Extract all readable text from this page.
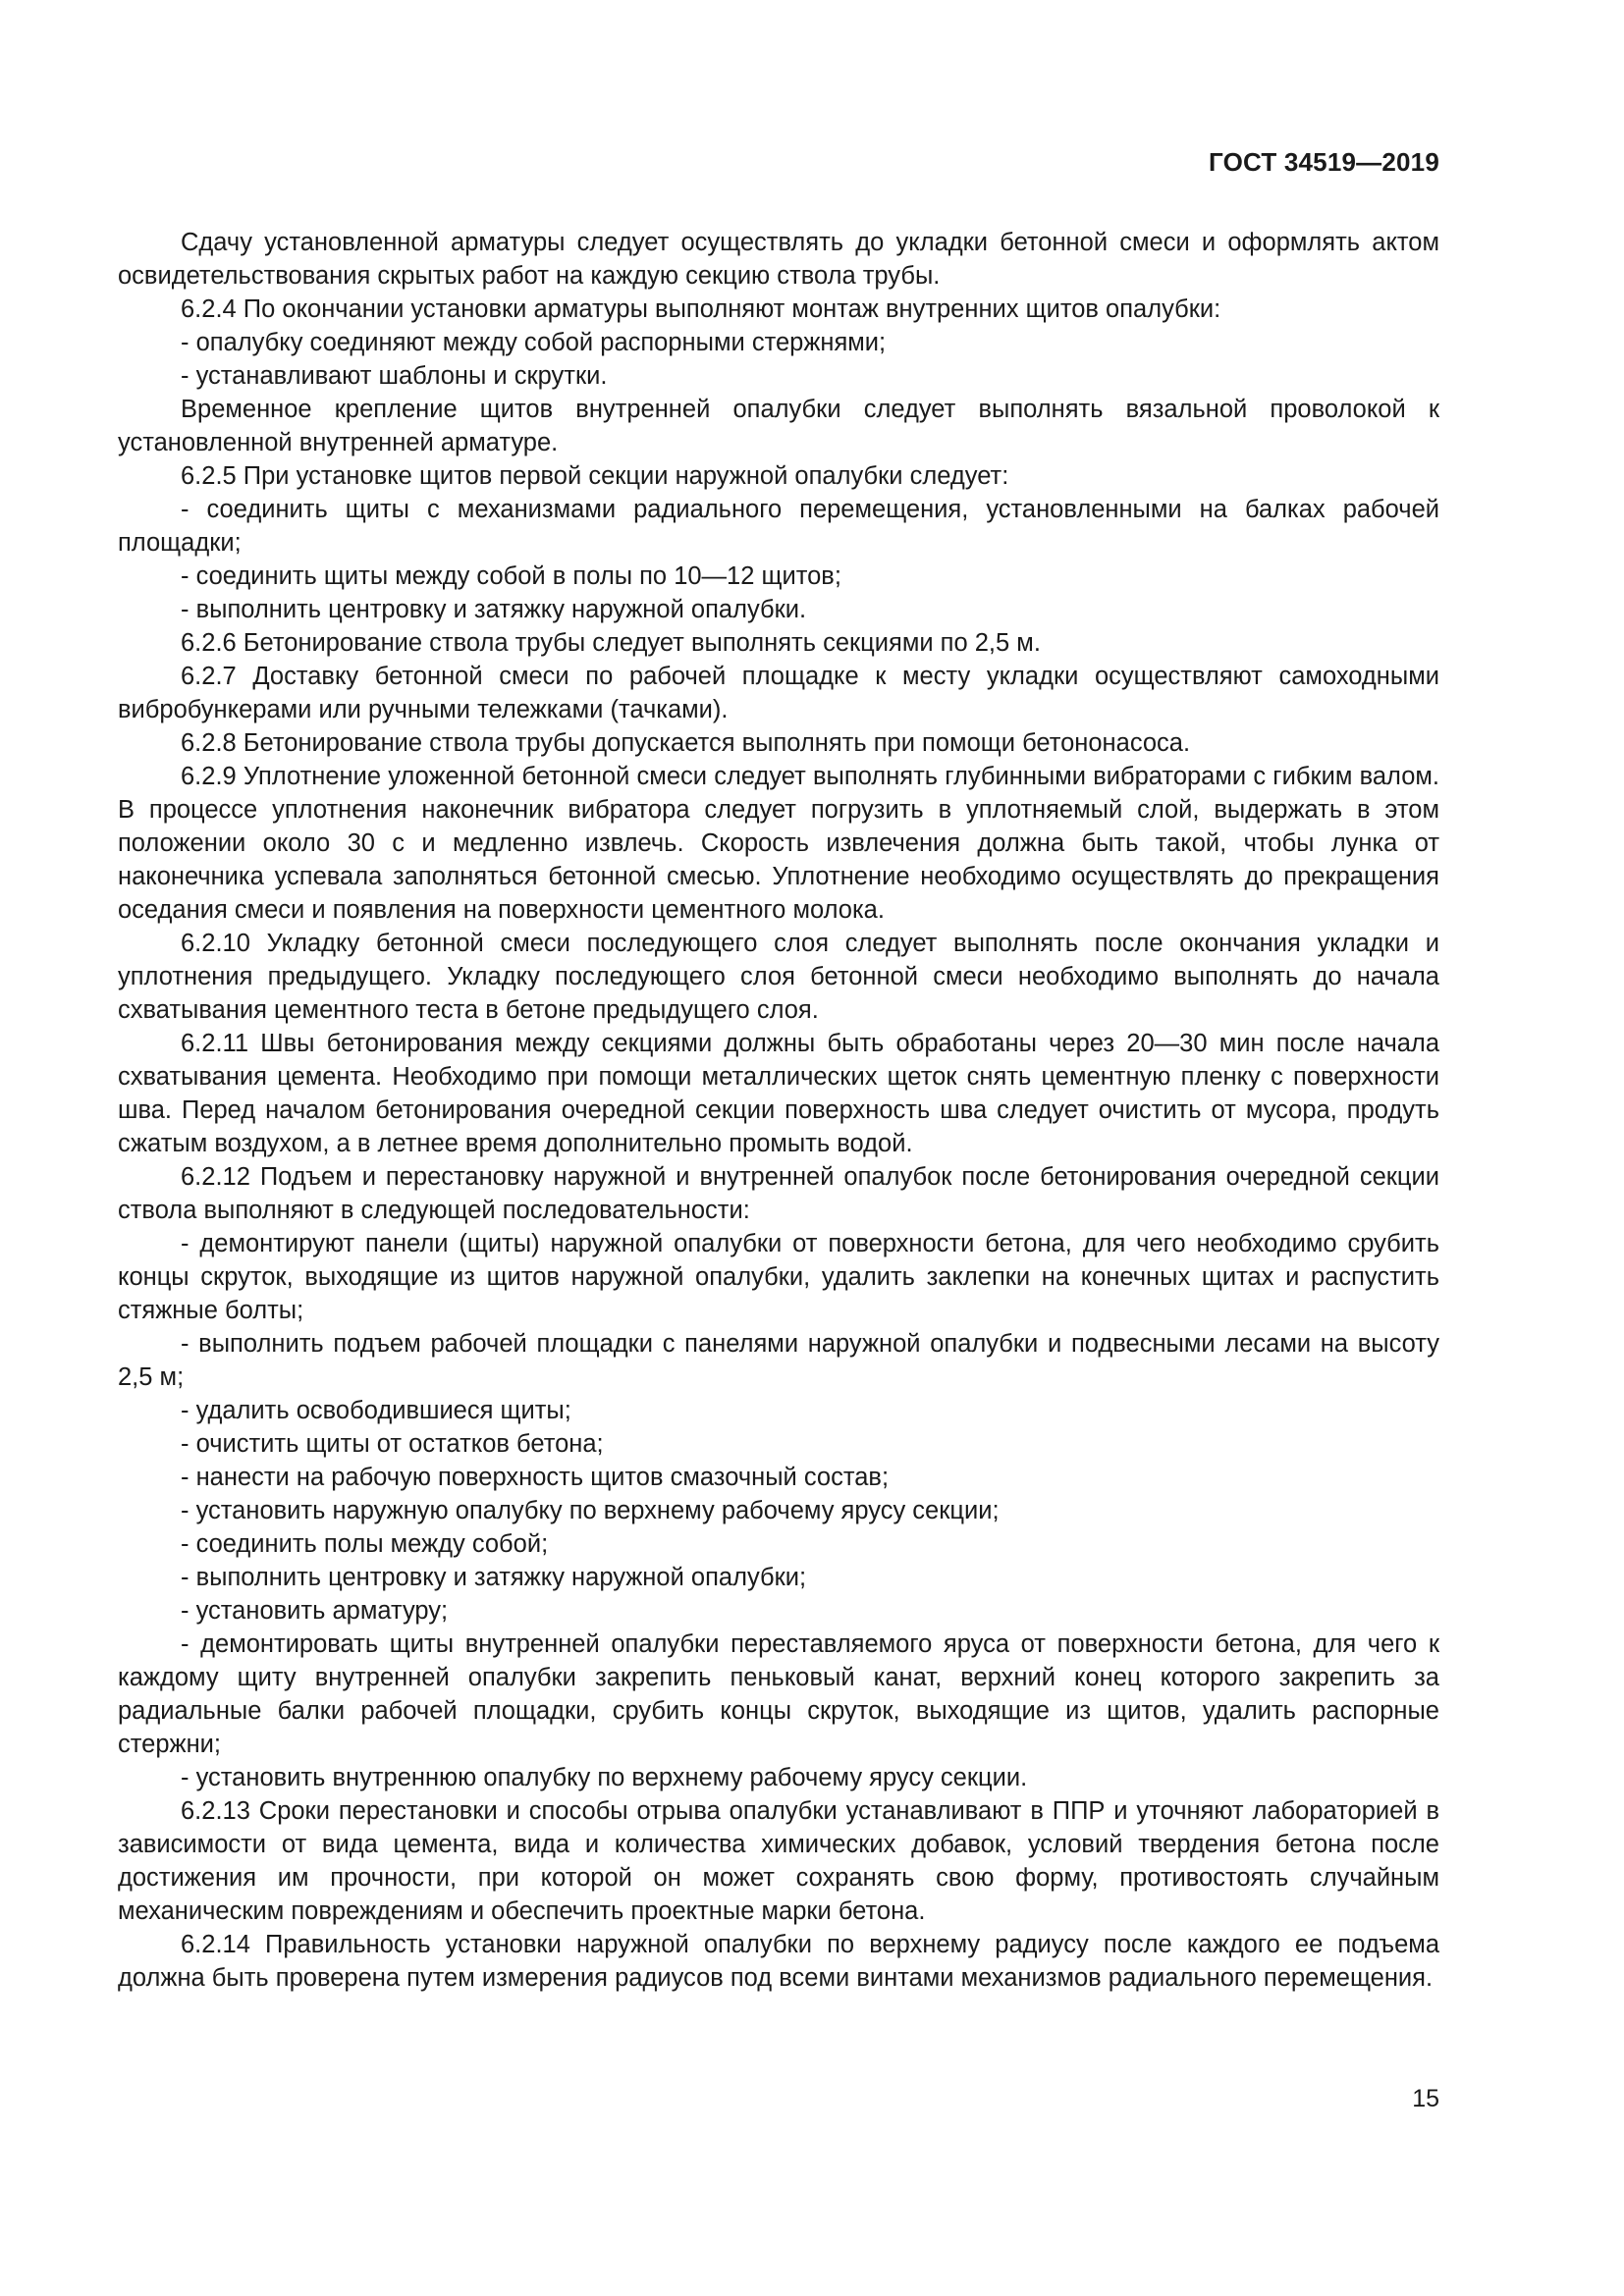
ГОСТ 34519—2019

Сдачу установленной арматуры следует осуществлять до укладки бетонной смеси и оформлять актом освидетельствования скрытых работ на каждую секцию ствола трубы.

6.2.4 По окончании установки арматуры выполняют монтаж внутренних щитов опалубки:

- опалубку соединяют между собой распорными стержнями;

- устанавливают шаблоны и скрутки.

Временное крепление щитов внутренней опалубки следует выполнять вязальной проволокой к установленной внутренней арматуре.

6.2.5 При установке щитов первой секции наружной опалубки следует:

- соединить щиты с механизмами радиального перемещения, установленными на балках рабочей площадки;

- соединить щиты между собой в полы по 10—12 щитов;

- выполнить центровку и затяжку наружной опалубки.

6.2.6 Бетонирование ствола трубы следует выполнять секциями по 2,5 м.

6.2.7 Доставку бетонной смеси по рабочей площадке к месту укладки осуществляют самоходными вибробункерами или ручными тележками (тачками).

6.2.8 Бетонирование ствола трубы допускается выполнять при помощи бетононасоса.

6.2.9 Уплотнение уложенной бетонной смеси следует выполнять глубинными вибраторами с гибким валом. В процессе уплотнения наконечник вибратора следует погрузить в уплотняемый слой, выдержать в этом положении около 30 с и медленно извлечь. Скорость извлечения должна быть такой, чтобы лунка от наконечника успевала заполняться бетонной смесью. Уплотнение необходимо осуществлять до прекращения оседания смеси и появления на поверхности цементного молока.

6.2.10 Укладку бетонной смеси последующего слоя следует выполнять после окончания укладки и уплотнения предыдущего. Укладку последующего слоя бетонной смеси необходимо выполнять до начала схватывания цементного теста в бетоне предыдущего слоя.

6.2.11 Швы бетонирования между секциями должны быть обработаны через 20—30 мин после начала схватывания цемента. Необходимо при помощи металлических щеток снять цементную пленку с поверхности шва. Перед началом бетонирования очередной секции поверхность шва следует очистить от мусора, продуть сжатым воздухом, а в летнее время дополнительно промыть водой.

6.2.12 Подъем и перестановку наружной и внутренней опалубок после бетонирования очередной секции ствола выполняют в следующей последовательности:

- демонтируют панели (щиты) наружной опалубки от поверхности бетона, для чего необходимо срубить концы скруток, выходящие из щитов наружной опалубки, удалить заклепки на конечных щитах и распустить стяжные болты;

- выполнить подъем рабочей площадки с панелями наружной опалубки и подвесными лесами на высоту 2,5 м;

- удалить освободившиеся щиты;

- очистить щиты от остатков бетона;

- нанести на рабочую поверхность щитов смазочный состав;

- установить наружную опалубку по верхнему рабочему ярусу секции;

- соединить полы между собой;

- выполнить центровку и затяжку наружной опалубки;

- установить арматуру;

- демонтировать щиты внутренней опалубки переставляемого яруса от поверхности бетона, для чего к каждому щиту внутренней опалубки закрепить пеньковый канат, верхний конец которого закрепить за радиальные балки рабочей площадки, срубить концы скруток, выходящие из щитов, удалить распорные стержни;

- установить внутреннюю опалубку по верхнему рабочему ярусу секции.

6.2.13 Сроки перестановки и способы отрыва опалубки устанавливают в ППР и уточняют лабораторией в зависимости от вида цемента, вида и количества химических добавок, условий твердения бетона после достижения им прочности, при которой он может сохранять свою форму, противостоять случайным механическим повреждениям и обеспечить проектные марки бетона.

6.2.14 Правильность установки наружной опалубки по верхнему радиусу после каждого ее подъема должна быть проверена путем измерения радиусов под всеми винтами механизмов радиального перемещения.

15
